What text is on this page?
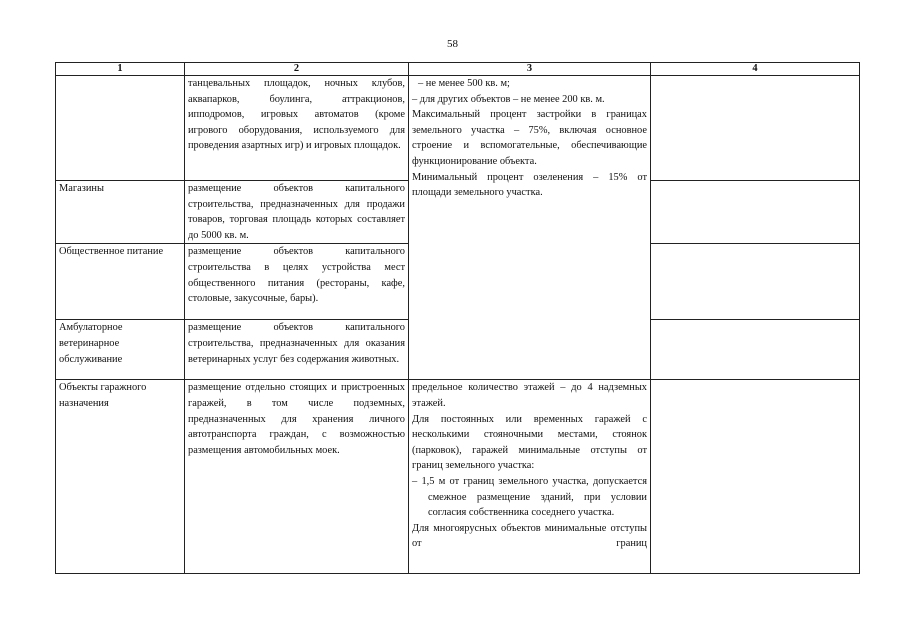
58
1	2	3	4
	танцевальных площадок, ночных клубов, аквапарков, боулинга, аттракционов, ипподромов, игровых автоматов (кроме игрового оборудования, используемого для проведения азартных игр) и игровых площадок.	– не менее 500 кв. м;
– для других объектов – не менее 200 кв. м.
Максимальный процент застройки в границах земельного участка – 75%, включая основное строение и вспомогательные, обеспечивающие функционирование объекта.
Минимальный процент озеленения – 15% от площади земельного участка.	

Магазины	размещение объектов капитального строительства, предназначенных для продажи товаров, торговая площадь которых составляет до 5000 кв. м.		
Общественное питание	размещение объектов капитального строительства в целях устройства мест общественного питания (рестораны, кафе, столовые, закусочные, бары).		
Амбулаторное ветеринарное обслуживание	размещение объектов капитального строительства, предназначенных для оказания ветеринарных услуг без содержания животных.		
Объекты гаражного назначения	размещение отдельно стоящих и пристроенных гаражей, в том числе подземных, предназначенных для хранения личного автотранспорта граждан, с возможностью размещения автомобильных моек.	предельное количество этажей – до 4 надземных этажей.
Для постоянных или временных гаражей с несколькими стояночными местами, стоянок (парковок), гаражей минимальные отступы от границ земельного участка:
– 1,5 м от границ земельного участка, допускается смежное размещение зданий, при условии согласия собственника соседнего участка.
Для многоярусных объектов минимальные отступы от границ	
